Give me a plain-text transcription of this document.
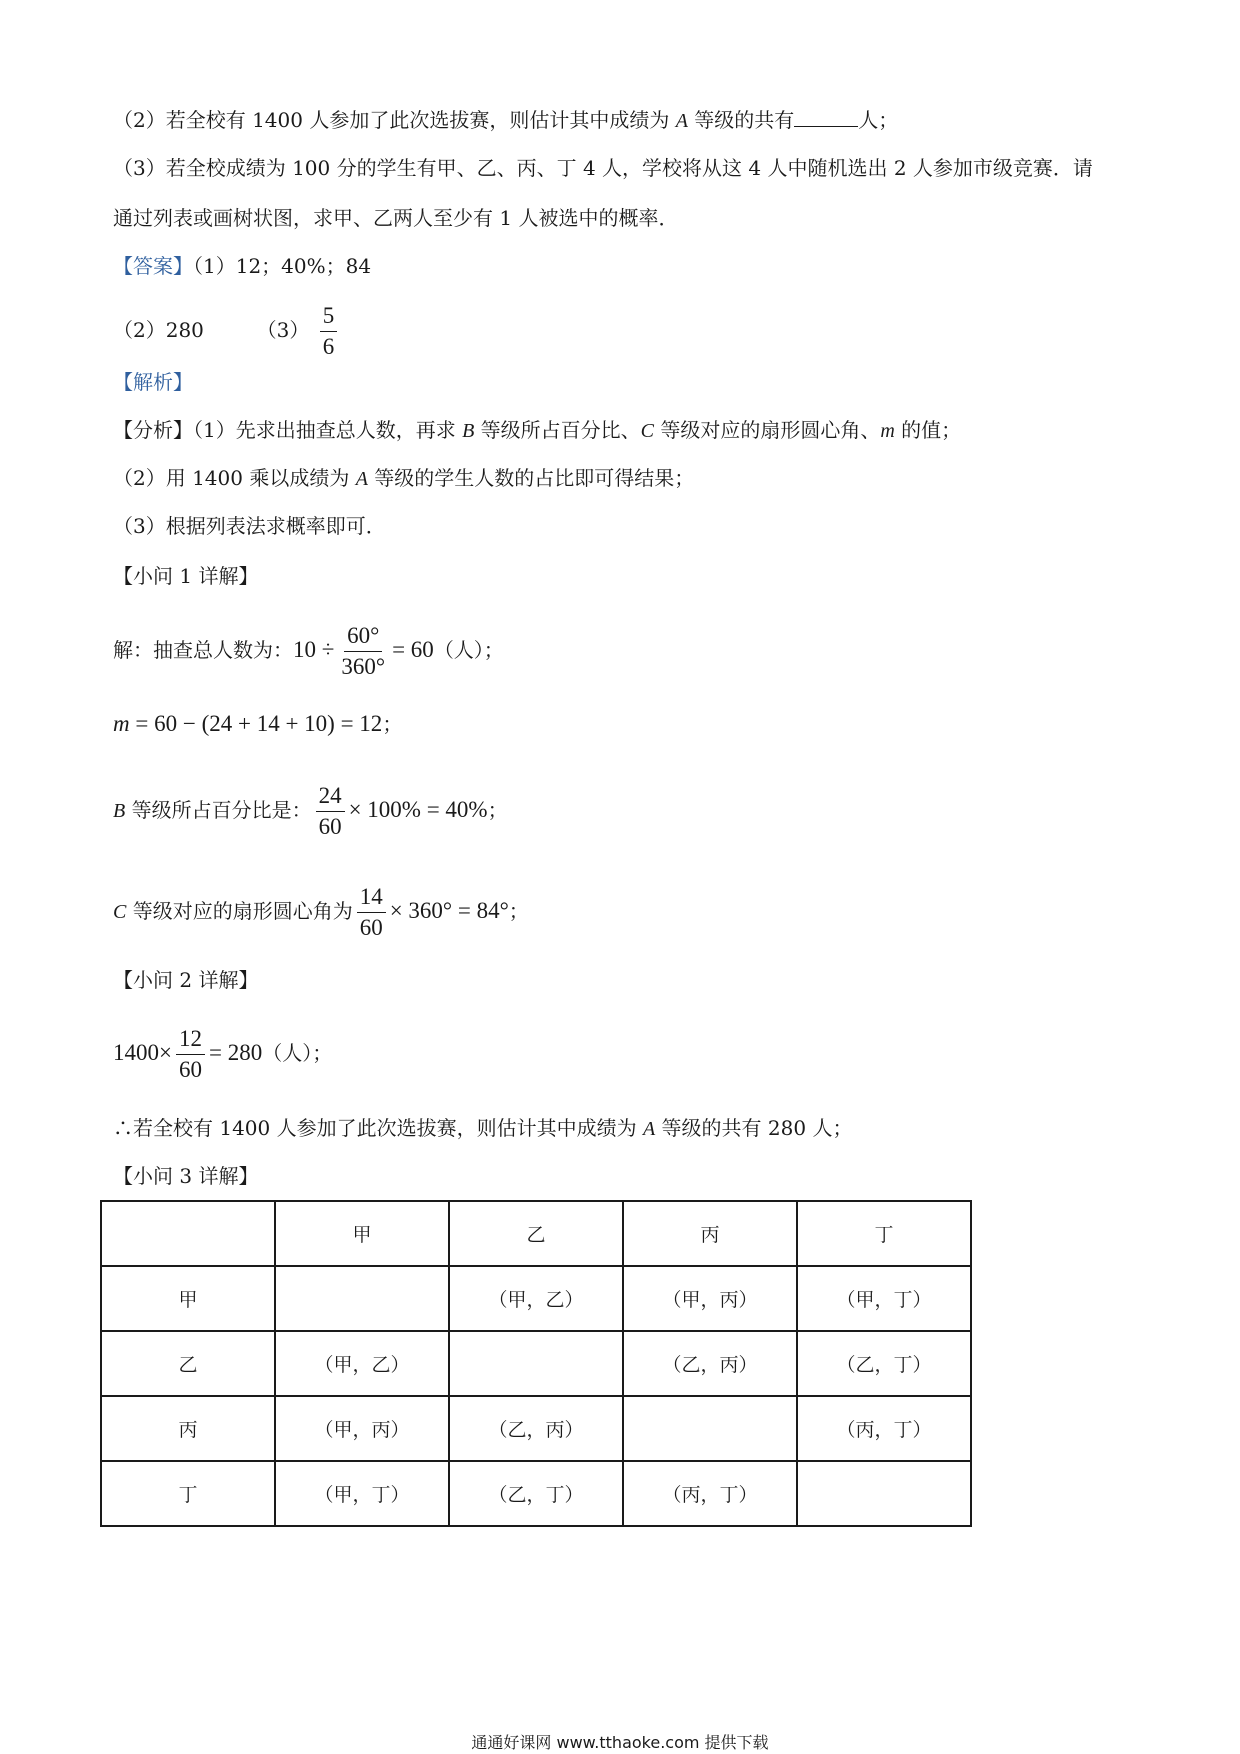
（2）若全校有 1400 人参加了此次选拔赛，则估计其中成绩为 A 等级的共有	人；
（3）若全校成绩为 100 分的学生有甲、乙、丙、丁 4 人，学校将从这 4 人中随机选出 2 人参加市级竞赛．请
通过列表或画树状图，求甲、乙两人至少有 1 人被选中的概率．
【答案】（1）12；40%；84
（2）280	$(3) \frac{5}{6}$
【解析】
【分析】（1）先求出抽查总人数，再求 B 等级所占百分比、C 等级对应的扇形圆心角、m 的值；
（2）用 1400 乘以成绩为 A 等级的学生人数的占比即可得结果；
（3）根据列表法求概率即可．
【小问 1 详解】
解：抽查总人数为：$10 \div \frac{60^\circ}{360^\circ} = 60$（人）；
m = 60 − (24 + 14 + 10) = 12；
B 等级所占百分比是： $\frac{24}{60} \times 100\% = 40\%$；
C 等级对应的扇形圆心角为 $\frac{14}{60} \times 360^\circ = 84^\circ$；
【小问 2 详解】
$1400\times \frac{12}{60} = 280$（人）；
∴若全校有 1400 人参加了此次选拔赛，则估计其中成绩为 A 等级的共有 280 人；
【小问 3 详解】
	甲	乙	丙	丁
甲		（甲，乙）	（甲，丙）	（甲，丁）
乙	（甲，乙）		（乙，丙）	（乙，丁）
丙	（甲，丙）	（乙，丙）		（丙，丁）
丁	（甲，丁）	（乙，丁）	（丙，丁）	
通通好课网 www.tthaoke.com 提供下载
